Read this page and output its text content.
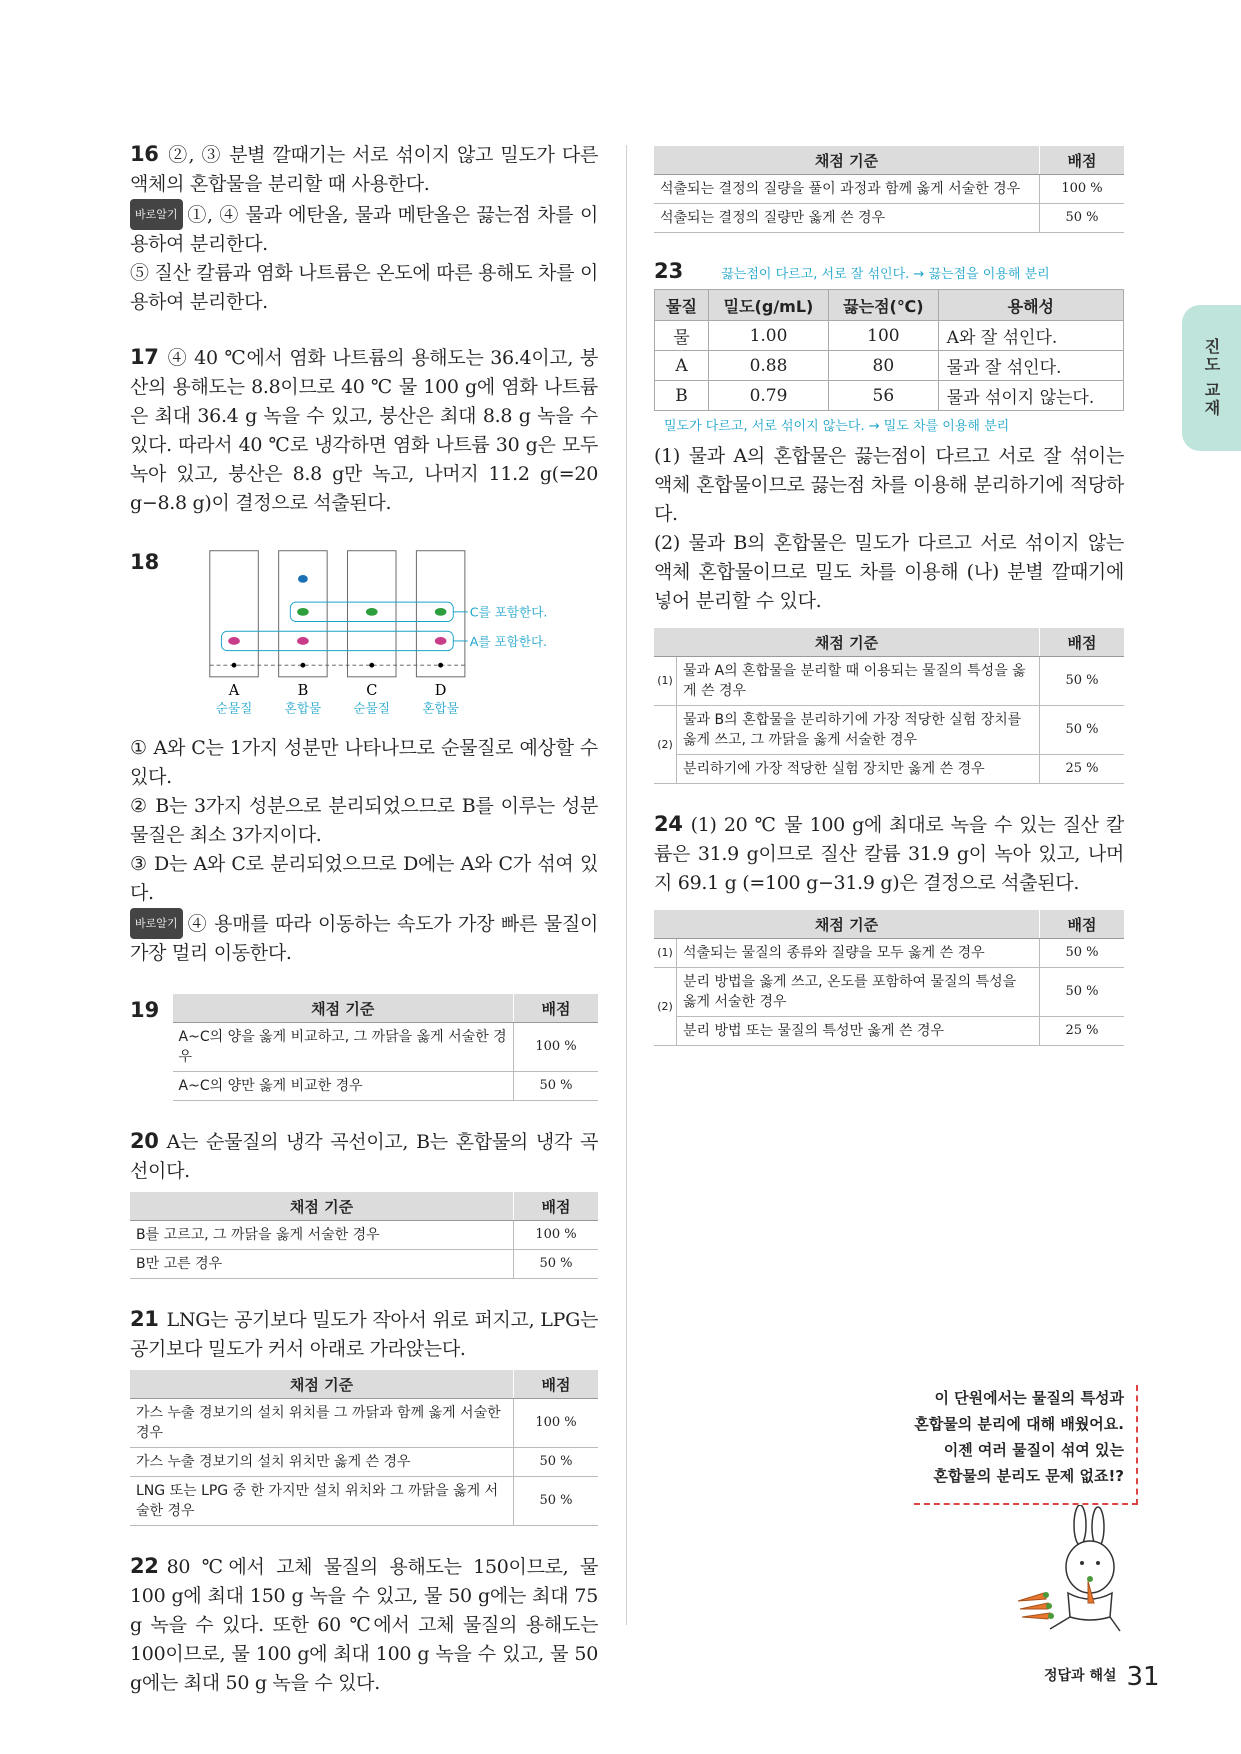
16 ②, ③ 분별 깔때기는 서로 섞이지 않고 밀도가 다른 액체의 혼합물을 분리할 때 사용한다.

바로알기 ①, ④ 물과 에탄올, 물과 메탄올은 끓는점 차를 이용하여 분리한다.

⑤ 질산 칼륨과 염화 나트륨은 온도에 따른 용해도 차를 이용하여 분리한다.

17 ④ 40 ℃에서 염화 나트륨의 용해도는 36.4이고, 붕산의 용해도는 8.8이므로 40 ℃ 물 100 g에 염화 나트륨은 최대 36.4 g 녹을 수 있고, 붕산은 최대 8.8 g 녹을 수 있다. 따라서 40 ℃로 냉각하면 염화 나트륨 30 g은 모두 녹아 있고, 붕산은 8.8 g만 녹고, 나머지 11.2 g(=20 g−8.8 g)이 결정으로 석출된다.

18
C를 포함한다.
A를 포함한다.
A	B	C	D
순물질 혼합물 순물질 혼합물

① A와 C는 1가지 성분만 나타나므로 순물질로 예상할 수 있다.

② B는 3가지 성분으로 분리되었으므로 B를 이루는 성분 물질은 최소 3가지이다.

③ D는 A와 C로 분리되었으므로 D에는 A와 C가 섞여 있다.

바로알기 ④ 용매를 따라 이동하는 속도가 가장 빠른 물질이 가장 멀리 이동한다.

19	채점 기준	배점
A~C의 양을 옳게 비교하고, 그 까닭을 옳게 서술한 경우	100 %
A~C의 양만 옳게 비교한 경우	50 %

20 A는 순물질의 냉각 곡선이고, B는 혼합물의 냉각 곡선이다.

채점 기준	배점
B를 고르고, 그 까닭을 옳게 서술한 경우	100 %
B만 고른 경우	50 %

21 LNG는 공기보다 밀도가 작아서 위로 퍼지고, LPG는 공기보다 밀도가 커서 아래로 가라앉는다.

채점 기준	배점
가스 누출 경보기의 설치 위치를 그 까닭과 함께 옳게 서술한 경우	100 %
가스 누출 경보기의 설치 위치만 옳게 쓴 경우	50 %
LNG 또는 LPG 중 한 가지만 설치 위치와 그 까닭을 옳게 서술한 경우	50 %

22 80 ℃에서 고체 물질의 용해도는 150이므로, 물 100 g에 최대 150 g 녹을 수 있고, 물 50 g에는 최대 75 g 녹을 수 있다. 또한 60 ℃에서 고체 물질의 용해도는 100이므로, 물 100 g에 최대 100 g 녹을 수 있고, 물 50 g에는 최대 50 g 녹을 수 있다.

채점 기준	배점
석출되는 결정의 질량을 풀이 과정과 함께 옳게 서술한 경우	100 %
석출되는 결정의 질량만 옳게 쓴 경우	50 %
23	끓는점이 다르고, 서로 잘 섞인다. → 끓는점을 이용해 분리
물질	밀도(g/mL)	끓는점(℃)	용해성
물	1.00	100	A와 잘 섞인다.
A	0.88	80	물과 잘 섞인다.
B	0.79	56	물과 섞이지 않는다.
밀도가 다르고, 서로 섞이지 않는다. → 밀도 차를 이용해 분리

(1) 물과 A의 혼합물은 끓는점이 다르고 서로 잘 섞이는 액체 혼합물이므로 끓는점 차를 이용해 분리하기에 적당하다.

(2) 물과 B의 혼합물은 밀도가 다르고 서로 섞이지 않는 액체 혼합물이므로 밀도 차를 이용해 (나) 분별 깔때기에 넣어 분리할 수 있다.

채점 기준		배점
(1)	물과 A의 혼합물을 분리할 때 이용되는 물질의 특성을 옳게 쓴 경우	50 %
(2)	물과 B의 혼합물을 분리하기에 가장 적당한 실험 장치를 옳게 쓰고, 그 까닭을 옳게 서술한 경우	50 %
	분리하기에 가장 적당한 실험 장치만 옳게 쓴 경우	25 %

24 (1) 20 ℃ 물 100 g에 최대로 녹을 수 있는 질산 칼륨은 31.9 g이므로 질산 칼륨 31.9 g이 녹아 있고, 나머지 69.1 g (=100 g−31.9 g)은 결정으로 석출된다.

채점 기준		배점
(1)	석출되는 물질의 종류와 질량을 모두 옳게 쓴 경우	50 %
(2)	분리 방법을 옳게 쓰고, 온도를 포함하여 물질의 특성을 옳게 서술한 경우	50 %
	분리 방법 또는 물질의 특성만 옳게 쓴 경우	25 %
진도 교재
이 단원에서는 물질의 특성과
혼합물의 분리에 대해 배웠어요.
이젠 여러 물질이 섞여 있는
혼합물의 분리도 문제 없죠!?
정답과 해설 31
